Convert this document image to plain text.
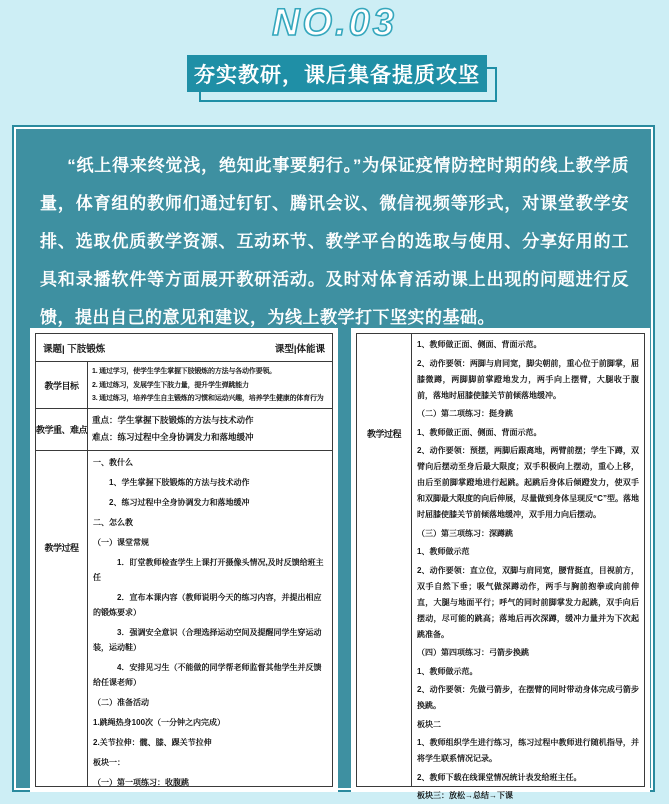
NO.03
夯实教研，课后集备提质攻坚

“纸上得来终觉浅，绝知此事要躬行。”为保证疫情防控时期的线上教学质量，体育组的教师们通过钉钉、腾讯会议、微信视频等形式，对课堂教学安排、选取优质教学资源、互动环节、教学平台的选取与使用、分享好用的工具和录播软件等方面展开教研活动。及时对体育活动课上出现的问题进行反馈，提出自己的意见和建议，为线上教学打下坚实的基础。

课题| 下肢锻炼	课型|体能课
教学目标
1. 通过学习，使学生学生掌握下肢锻炼的方法与各动作要领。
2. 通过练习，发展学生下肢力量，提升学生弹跳能力
3. 通过练习，培养学生自主锻炼的习惯和运动兴趣，培养学生健康的体育行为
教学重、难点
重点：学生掌握下肢锻炼的方法与技术动作
难点：练习过程中全身协调发力和落地缓冲
教学过程
一、教什么
　　1、学生掌握下肢锻炼的方法与技术动作
　　2、练习过程中全身协调发力和落地缓冲
二、怎么教
（一）课堂常规
　　　1．盯堂教师检查学生上课打开摄像头情况,及时反馈给班主任
　　　2．宣布本课内容（教师说明今天的练习内容，并提出相应的锻炼要求）
　　　3．强调安全意识（合理选择运动空间及提醒同学生穿运动装，运动鞋）
　　　4．安排见习生（不能做的同学帮老师监督其他学生并反馈给任课老师）
（二）准备活动
1.跳绳热身100次（一分钟之内完成）
2.关节拉伸：髋、膝、踝关节拉伸
板块一：
（一）第一项练习：收腹跳
教学过程
1、教师做正面、侧面、背面示范。
2、动作要领：两脚与肩同宽，脚尖朝前，重心位于前脚掌，屈膝微蹲，两脚脚前掌蹬地发力，两手向上摆臂，大腿收于腹前，落地时屈膝使膝关节前倾落地缓冲。
（二）第二项练习：挺身跳
1、教师做正面、侧面、背面示范。
2、动作要领：预摆，两脚后跟离地，两臂前摆；学生下蹲，双臂向后摆动至身后最大限度；双手积极向上摆动，重心上移，由后至前脚掌蹬地进行起跳。起跳后身体后倾蹬发力，使双手和双脚最大限度的向后伸展，尽量做到身体呈现反“C”型。落地时屈膝使膝关节前倾落地缓冲，双手用力向后摆动。
（三）第三项练习：深蹲跳
1、教师做示范
2、动作要领：直立位，双脚与肩同宽，腰背挺直，目视前方，双手自然下垂；吸气做深蹲动作，两手与胸前抱拳或向前伸直，大腿与地面平行；呼气的同时前脚掌发力起跳，双手向后摆动，尽可能的跳高；落地后再次深蹲，缓冲力量并为下次起跳准备。
（四）第四项练习：弓箭步换跳
1、教师做示范。
2、动作要领：先做弓箭步，在摆臂的同时带动身体完成弓箭步换跳。
板块二
1、教师组织学生进行练习，练习过程中教师进行随机指导，并将学生联系情况记录。
2、教师下载在线课堂情况统计表发给班主任。
板块三：放松→总结→下课
